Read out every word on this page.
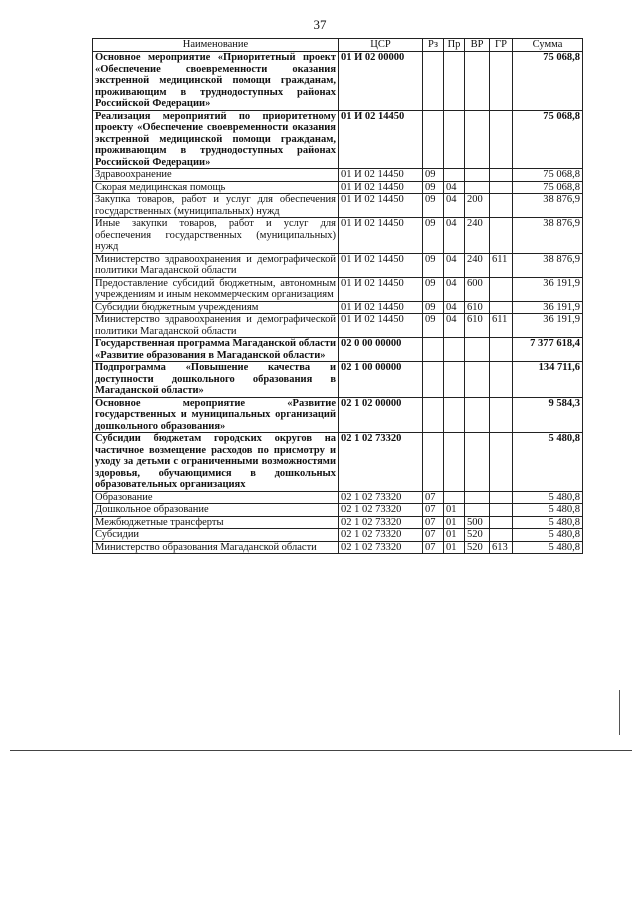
37
Наименование	ЦСР	Рз	Пр	ВР	ГР	Сумма
Основное мероприятие «Приоритетный проект «Обеспечение своевременности оказания экстренной медицинской помощи гражданам, проживающим в труднодоступных районах Российской Федерации»	01 И 02 00000					75 068,8
Реализация мероприятий по приоритетному проекту «Обеспечение своевременности оказания экстренной медицинской помощи гражданам, проживающим в труднодоступных районах Российской Федерации»	01 И 02 14450					75 068,8
Здравоохранение	01 И 02 14450	09				75 068,8
Скорая медицинская помощь	01 И 02 14450	09	04			75 068,8
Закупка товаров, работ и услуг для обеспечения государственных (муниципальных) нужд	01 И 02 14450	09	04	200		38 876,9
Иные закупки товаров, работ и услуг для обеспечения государственных (муниципальных) нужд	01 И 02 14450	09	04	240		38 876,9
Министерство здравоохранения и демографической политики Магаданской области	01 И 02 14450	09	04	240	611	38 876,9
Предоставление субсидий бюджетным, автономным учреждениям и иным некоммерческим организациям	01 И 02 14450	09	04	600		36 191,9
Субсидии бюджетным учреждениям	01 И 02 14450	09	04	610		36 191,9
Министерство здравоохранения и демографической политики Магаданской области	01 И 02 14450	09	04	610	611	36 191,9
Государственная программа Магаданской области «Развитие образования в Магаданской области»	02 0 00 00000					7 377 618,4
Подпрограмма «Повышение качества и доступности дошкольного образования в Магаданской области»	02 1 00 00000					134 711,6
Основное мероприятие «Развитие государственных и муниципальных организаций дошкольного образования»	02 1 02 00000					9 584,3
Субсидии бюджетам городских округов на частичное возмещение расходов по присмотру и уходу за детьми с ограниченными возможностями здоровья, обучающимися в дошкольных образовательных организациях	02 1 02 73320					5 480,8
Образование	02 1 02 73320	07				5 480,8
Дошкольное образование	02 1 02 73320	07	01			5 480,8
Межбюджетные трансферты	02 1 02 73320	07	01	500		5 480,8
Субсидии	02 1 02 73320	07	01	520		5 480,8
Министерство образования Магаданской области	02 1 02 73320	07	01	520	613	5 480,8
